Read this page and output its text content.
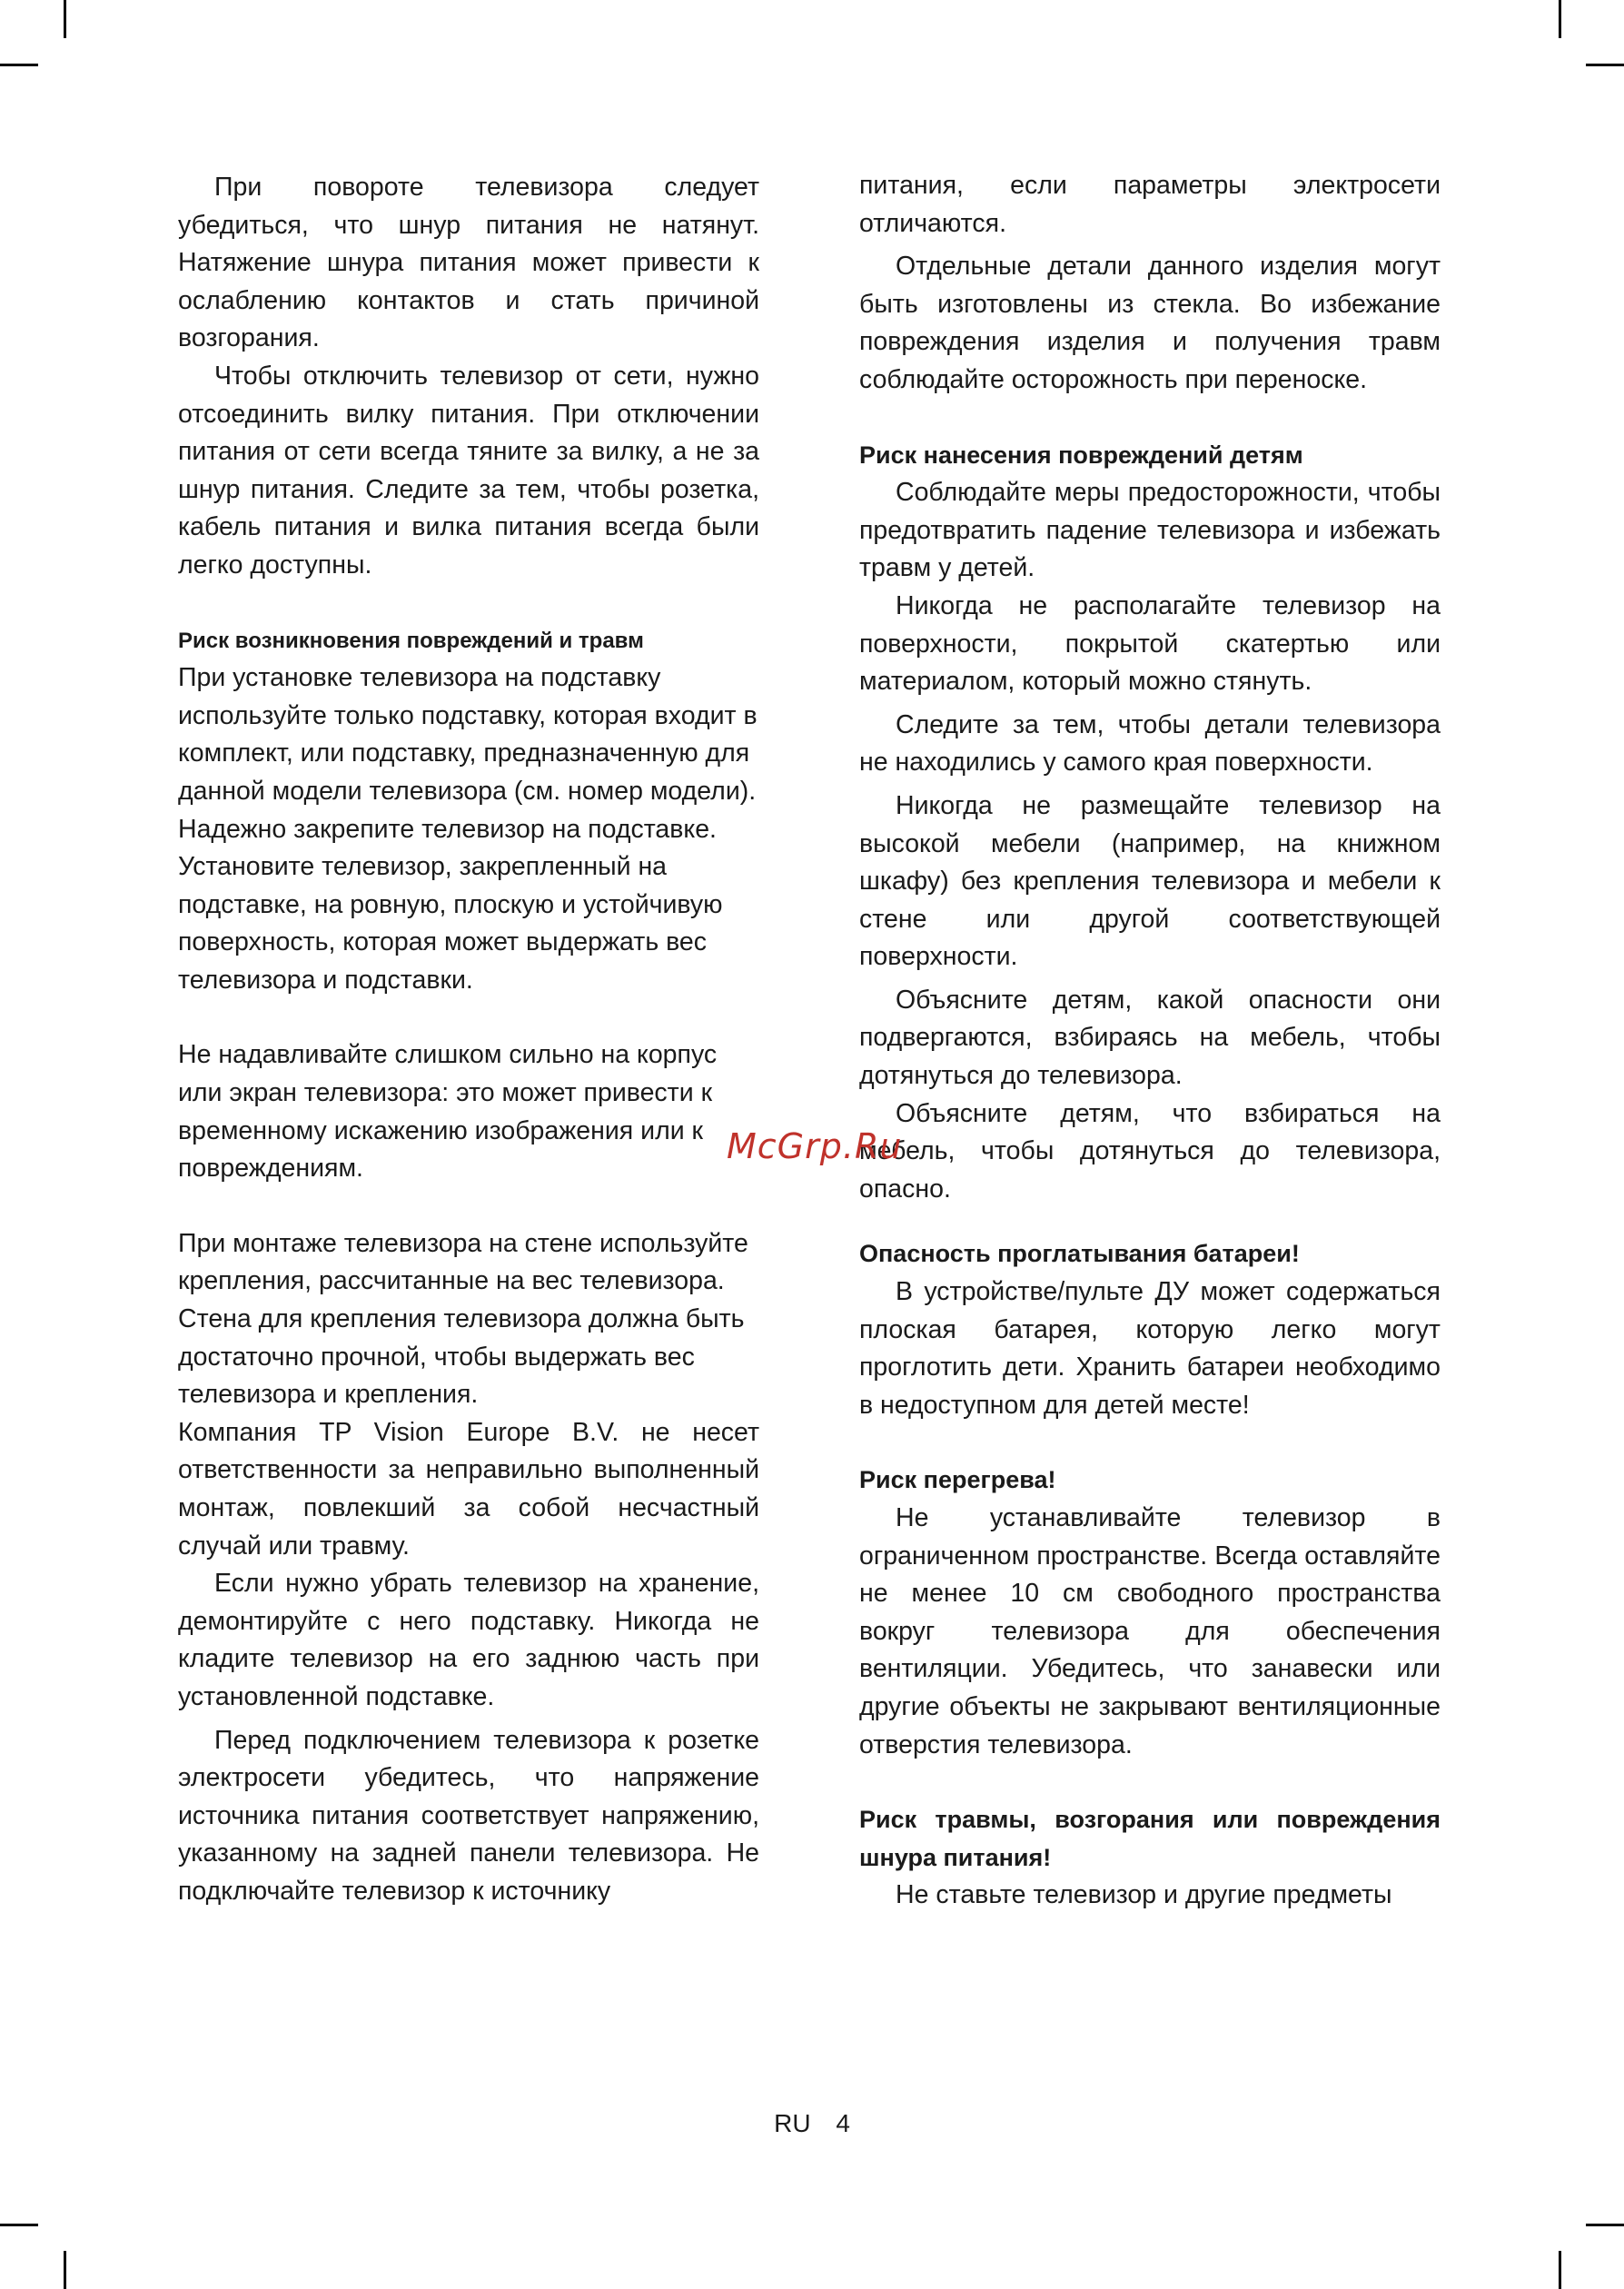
При повороте телевизора следует убедиться, что шнур питания не натянут. Натяжение шнура питания может привести к ослаблению контактов и стать причиной возгорания.

Чтобы отключить телевизор от сети, нужно отсоединить вилку питания. При отключении питания от сети всегда тяните за вилку, а не за шнур питания. Следите за тем, чтобы розетка, кабель питания и вилка питания всегда были легко доступны.

Риск возникновения повреждений и травм

При установке телевизора на подставку используйте только подставку, которая входит в комплект, или подставку, предназначенную для данной модели телевизора (см. номер модели). Надежно закрепите телевизор на подставке. Установите телевизор, закрепленный на подставке, на ровную, плоскую и устойчивую поверхность, которая может выдержать вес телевизора и подставки.

Не надавливайте слишком сильно на корпус или экран телевизора: это может привести к временному искажению изображения или к повреждениям.

При монтаже телевизора на стене используйте крепления, рассчитанные на вес телевизора. Стена для крепления телевизора должна быть достаточно прочной, чтобы выдержать вес телевизора и крепления.

Компания TP Vision Europe B.V. не несет ответственности за неправильно выполненный монтаж, повлекший за собой несчастный случай или травму.

Если нужно убрать телевизор на хранение, демонтируйте с него подставку. Никогда не кладите телевизор на его заднюю часть при установленной подставке.

Перед подключением телевизора к розетке электросети убедитесь, что напряжение источника питания соответствует напряжению, указанному на задней панели телевизора. Не подключайте телевизор к источнику

питания, если параметры электросети отличаются.

Отдельные детали данного изделия могут быть изготовлены из стекла. Во избежание повреждения изделия и получения травм соблюдайте осторожность при переноске.

Риск нанесения повреждений детям

Соблюдайте меры предосторожности, чтобы предотвратить падение телевизора и избежать травм у детей.

Никогда не располагайте телевизор на поверхности, покрытой скатертью или материалом, который можно стянуть.

Следите за тем, чтобы детали телевизора не находились у самого края поверхности.

Никогда не размещайте телевизор на высокой мебели (например, на книжном шкафу) без крепления телевизора и мебели к стене или другой соответствующей поверхности.

Объясните детям, какой опасности они подвергаются, взбираясь на мебель, чтобы дотянуться до телевизора.

Объясните детям, что взбираться на мебель, чтобы дотянуться до телевизора, опасно.

Опасность проглатывания батареи!

В устройстве/пульте ДУ может содержаться плоская батарея, которую легко могут проглотить дети. Хранить батареи необходимо в недоступном для детей месте!

Риск перегрева!

Не устанавливайте телевизор в ограниченном пространстве. Всегда оставляйте не менее 10 см свободного пространства вокруг телевизора для обеспечения вентиляции. Убедитесь, что занавески или другие объекты не закрывают вентиляционные отверстия телевизора.

Риск травмы, возгорания или повреждения шнура питания!

Не ставьте телевизор и другие предметы

McGrp.Ru
RU 4
